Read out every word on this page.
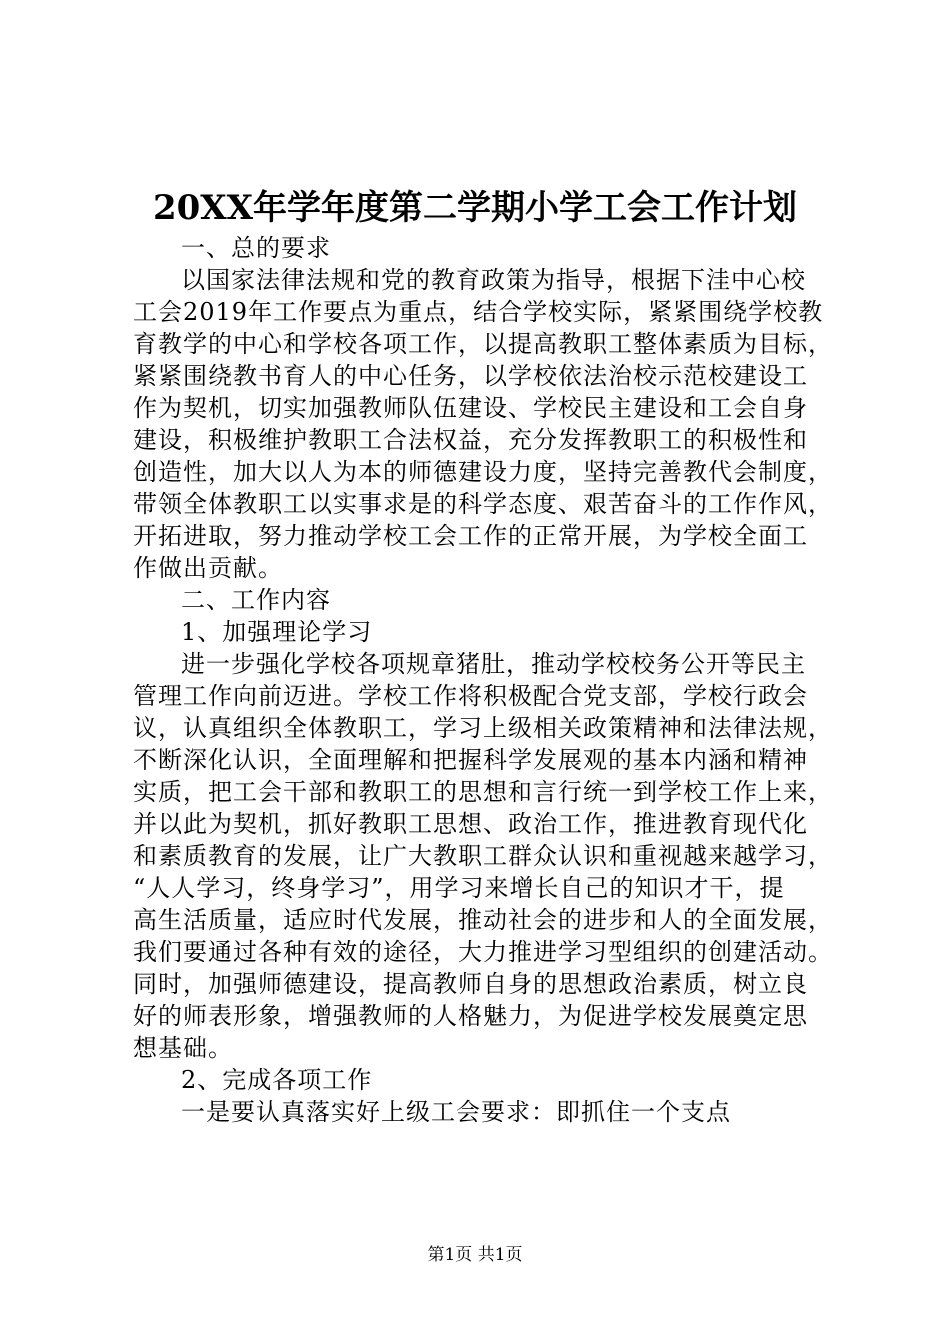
20XX年学年度第二学期小学工会工作计划
一、总的要求
以国家法律法规和党的教育政策为指导，根据下洼中心校
工会2019年工作要点为重点，结合学校实际，紧紧围绕学校教
育教学的中心和学校各项工作，以提高教职工整体素质为目标，
紧紧围绕教书育人的中心任务，以学校依法治校示范校建设工
作为契机，切实加强教师队伍建设、学校民主建设和工会自身
建设，积极维护教职工合法权益，充分发挥教职工的积极性和
创造性，加大以人为本的师德建设力度，坚持完善教代会制度，
带领全体教职工以实事求是的科学态度、艰苦奋斗的工作作风，
开拓进取，努力推动学校工会工作的正常开展，为学校全面工
作做出贡献。
二、工作内容
1、加强理论学习
进一步强化学校各项规章猪肚，推动学校校务公开等民主
管理工作向前迈进。学校工作将积极配合党支部，学校行政会
议，认真组织全体教职工，学习上级相关政策精神和法律法规，
不断深化认识，全面理解和把握科学发展观的基本内涵和精神
实质，把工会干部和教职工的思想和言行统一到学校工作上来，
并以此为契机，抓好教职工思想、政治工作，推进教育现代化
和素质教育的发展，让广大教职工群众认识和重视越来越学习，
“人人学习，终身学习”，用学习来增长自己的知识才干，提
高生活质量，适应时代发展，推动社会的进步和人的全面发展，
我们要通过各种有效的途径，大力推进学习型组织的创建活动。
同时，加强师德建设，提高教师自身的思想政治素质，树立良
好的师表形象，增强教师的人格魅力，为促进学校发展奠定思
想基础。
2、完成各项工作
一是要认真落实好上级工会要求：即抓住一个支点
第1页 共1页
